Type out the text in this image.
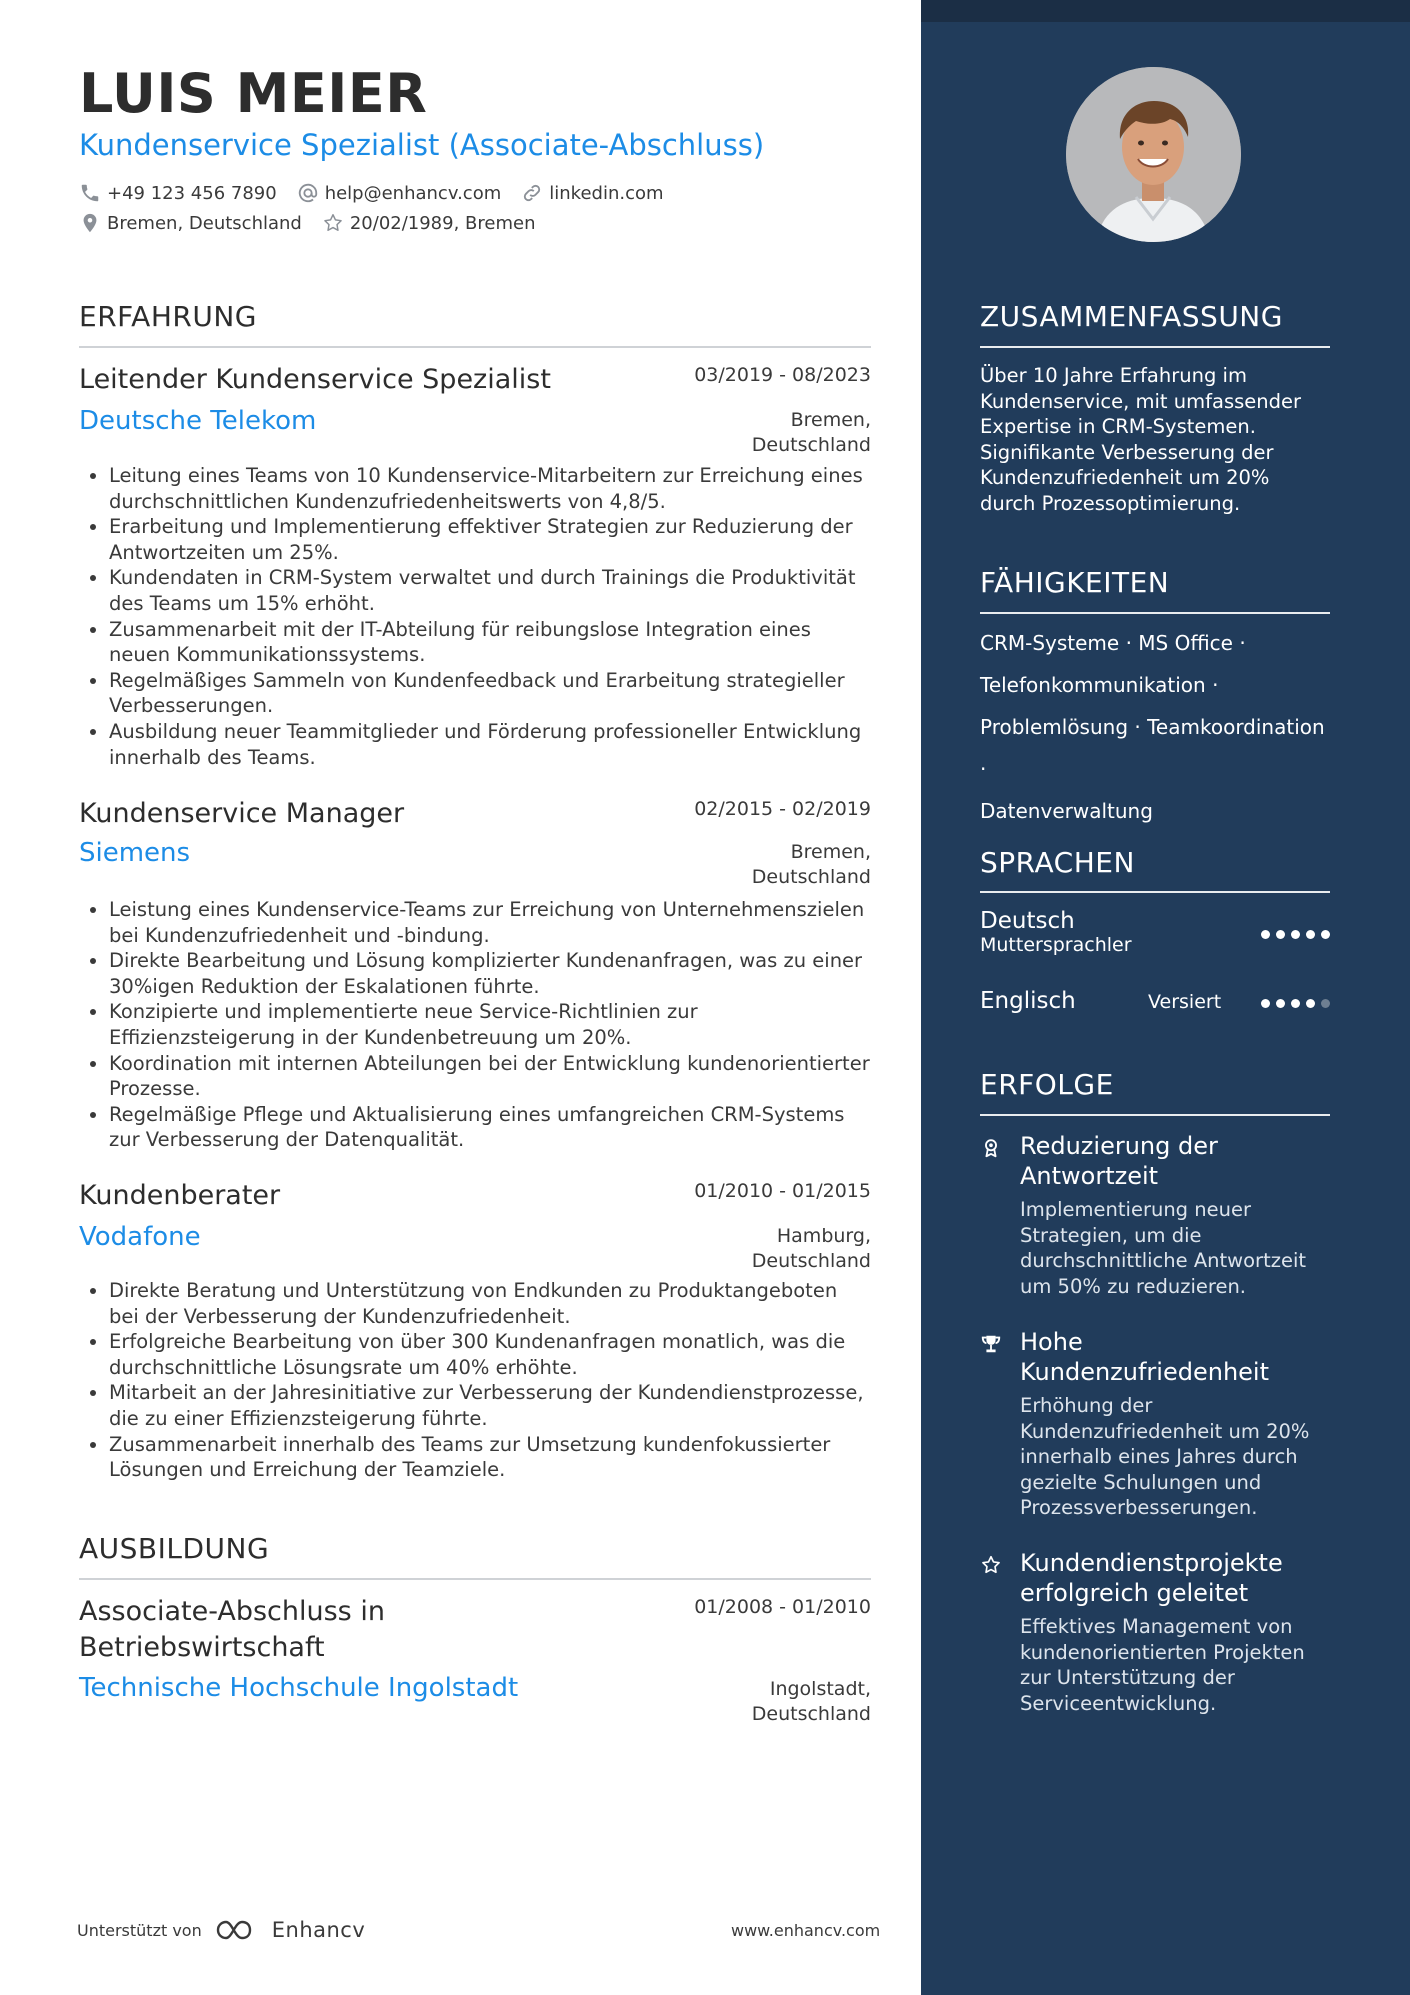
LUIS MEIER
Kundenservice Spezialist (Associate-Abschluss)
+49 123 456 7890	help@enhancv.com	linkedin.com
Bremen, Deutschland	20/02/1989, Bremen
ERFAHRUNG
Leitender Kundenservice Spezialist	03/2019 - 08/2023
Deutsche Telekom	Bremen,
Deutschland
• Leitung eines Teams von 10 Kundenservice-Mitarbeitern zur Erreichung eines durchschnittlichen Kundenzufriedenheitswerts von 4,8/5.
• Erarbeitung und Implementierung effektiver Strategien zur Reduzierung der Antwortzeiten um 25%.
• Kundendaten in CRM-System verwaltet und durch Trainings die Produktivität des Teams um 15% erhöht.
• Zusammenarbeit mit der IT-Abteilung für reibungslose Integration eines neuen Kommunikationssystems.
• Regelmäßiges Sammeln von Kundenfeedback und Erarbeitung strategieller Verbesserungen.
• Ausbildung neuer Teammitglieder und Förderung professioneller Entwicklung innerhalb des Teams.
Kundenservice Manager	02/2015 - 02/2019
Siemens	Bremen,
Deutschland
• Leistung eines Kundenservice-Teams zur Erreichung von Unternehmenszielen bei Kundenzufriedenheit und -bindung.
• Direkte Bearbeitung und Lösung komplizierter Kundenanfragen, was zu einer 30%igen Reduktion der Eskalationen führte.
• Konzipierte und implementierte neue Service-Richtlinien zur Effizienzsteigerung in der Kundenbetreuung um 20%.
• Koordination mit internen Abteilungen bei der Entwicklung kundenorientierter Prozesse.
• Regelmäßige Pflege und Aktualisierung eines umfangreichen CRM-Systems zur Verbesserung der Datenqualität.
Kundenberater	01/2010 - 01/2015
Vodafone	Hamburg,
Deutschland
• Direkte Beratung und Unterstützung von Endkunden zu Produktangeboten bei der Verbesserung der Kundenzufriedenheit.
• Erfolgreiche Bearbeitung von über 300 Kundenanfragen monatlich, was die durchschnittliche Lösungsrate um 40% erhöhte.
• Mitarbeit an der Jahresinitiative zur Verbesserung der Kundendienstprozesse, die zu einer Effizienzsteigerung führte.
• Zusammenarbeit innerhalb des Teams zur Umsetzung kundenfokussierter Lösungen und Erreichung der Teamziele.
AUSBILDUNG
Associate-Abschluss in
Betriebswirtschaft
01/2008 - 01/2010
Technische Hochschule Ingolstadt	Ingolstadt,
Deutschland
Unterstützt von	Enhancv	www.enhancv.com
ZUSAMMENFASSUNG

Über 10 Jahre Erfahrung im Kundenservice, mit umfassender Expertise in CRM-Systemen. Signifikante Verbesserung der Kundenzufriedenheit um 20% durch Prozessoptimierung.

FÄHIGKEITEN
CRM-Systeme · MS Office ·
Telefonkommunikation ·
Problemlösung · Teamkoordination ·
Datenverwaltung
SPRACHEN
Deutsch
Muttersprachler
Englisch	Versiert
ERFOLGE
Reduzierung der Antwortzeit
Implementierung neuer Strategien, um die durchschnittliche Antwortzeit um 50% zu reduzieren.
Hohe Kundenzufriedenheit
Erhöhung der Kundenzufriedenheit um 20% innerhalb eines Jahres durch gezielte Schulungen und Prozessverbesserungen.
Kundendienstprojekte erfolgreich geleitet
Effektives Management von kundenorientierten Projekten zur Unterstützung der Serviceentwicklung.
